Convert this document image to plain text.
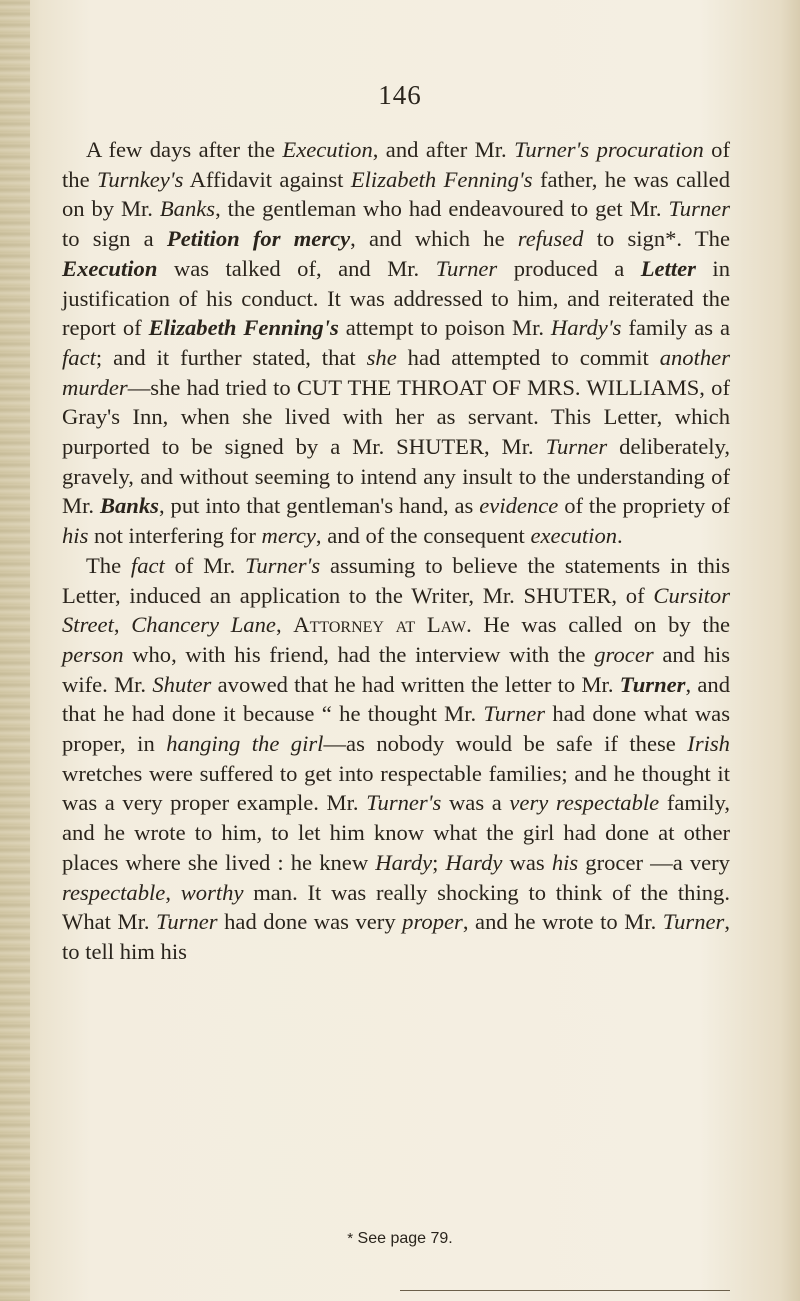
146

A few days after the Execution, and after Mr. Turner's procuration of the Turnkey's Affidavit against Elizabeth Fenning's father, he was called on by Mr. Banks, the gentleman who had endeavoured to get Mr. Turner to sign a Petition for mercy, and which he refused to sign*. The Execution was talked of, and Mr. Turner produced a Letter in justification of his conduct. It was addressed to him, and reiterated the report of Elizabeth Fenning's attempt to poison Mr. Hardy's family as a fact; and it further stated, that she had attempted to commit another murder—she had tried to CUT THE THROAT OF MRS. WILLIAMS, of Gray's Inn, when she lived with her as servant. This Letter, which purported to be signed by a Mr. SHUTER, Mr. Turner deliberately, gravely, and without seeming to intend any insult to the understanding of Mr. Banks, put into that gentleman's hand, as evidence of the propriety of his not interfering for mercy, and of the consequent execution.

The fact of Mr. Turner's assuming to believe the statements in this Letter, induced an application to the Writer, Mr. SHUTER, of Cursitor Street, Chancery Lane, Attorney at Law. He was called on by the person who, with his friend, had the interview with the grocer and his wife. Mr. Shuter avowed that he had written the letter to Mr. Turner, and that he had done it because “ he thought Mr. Turner had done what was proper, in hanging the girl—as nobody would be safe if these Irish wretches were suffered to get into respectable families; and he thought it was a very proper example. Mr. Turner's was a very respectable family, and he wrote to him, to let him know what the girl had done at other places where she lived : he knew Hardy; Hardy was his grocer —a very respectable, worthy man. It was really shocking to think of the thing. What Mr. Turner had done was very proper, and he wrote to Mr. Turner, to tell him his

* See page 79.
